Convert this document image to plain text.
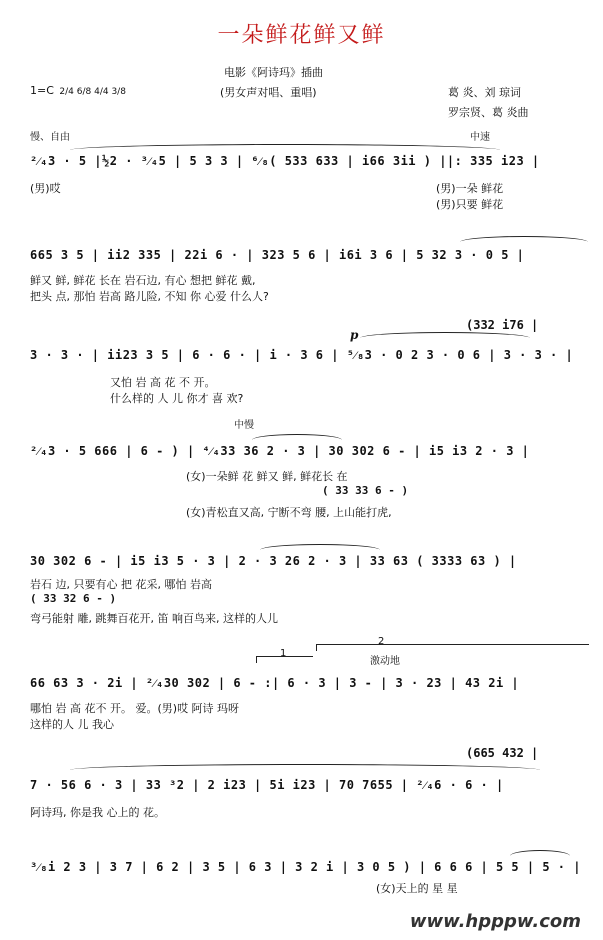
一朵鲜花鲜又鲜
1=C 2/4 6/8 4/4 3/8
电影《阿诗玛》插曲
(男女声对唱、重唱)	葛 炎、刘 琼词
罗宗贤、葛 炎曲
慢、自由	中速
²⁄₄3 · 5 |½2 · ³⁄₄5 | 5 3 3 | ⁶⁄₈( 533 633 | i66 3ii ) ||: 335 i23 |
(男)哎	(男)一朵 鲜花
(男)只要 鲜花
665 3 5 | ii2 335 | 22i 6 · | 323 5 6 | i6i 3 6 | 5 32 3 · 0 5 |
鲜又 鲜, 鲜花 长在 岩石边, 有心 想把 鲜花 戴,
把头 点, 那怕 岩高 路儿险, 不知 你 心爱 什么人?
(332 i76 |
p
3 · 3 · | ii23 3 5 | 6 · 6 · | i · 3 6 | ⁵⁄₈3 · 0 2 3 · 0 6 | 3 · 3 · |
又怕 岩 高 花 不 开。
什么样的 人 儿 你才 喜 欢?
中慢
²⁄₄3 · 5 666 | 6 - ) | ⁴⁄₄33 36 2 · 3 | 30 302 6 - | i5 i3 2 · 3 |
(女)一朵鲜 花 鲜又 鲜, 鲜花长 在
( 33 33 6 - )
(女)青松直又高, 宁断不弯 腰, 上山能打虎,
30 302 6 - | i5 i3 5 · 3 | 2 · 3 26 2 · 3 | 33 63 ( 3333 63 ) |
岩石 边, 只要有心 把 花采, 哪怕 岩高
( 33 32 6 - )
弯弓能射 雕, 跳舞百花开, 笛 响百鸟来, 这样的人儿
激动地
1
2
66 63 3 · 2i | ²⁄₄30 302 | 6 - :| 6 · 3 | 3 - | 3 · 23 | 43 2i |
哪怕 岩 高 花不 开。 爱。(男)哎 阿诗 玛呀
这样的人 儿 我心
(665 432 |
7 · 56 6 · 3 | 33 ³2 | 2 i23 | 5i i23 | 70 7655 | ²⁄₄6 · 6 · |
阿诗玛, 你是我 心上的 花。
³⁄₈i 2 3 | 3 7 | 6 2 | 3 5 | 6 3 | 3 2 i | 3 0 5 ) | 6 6 6 | 5 5 | 5 · |
(女)天上的 星 星
www.hpppw.com
